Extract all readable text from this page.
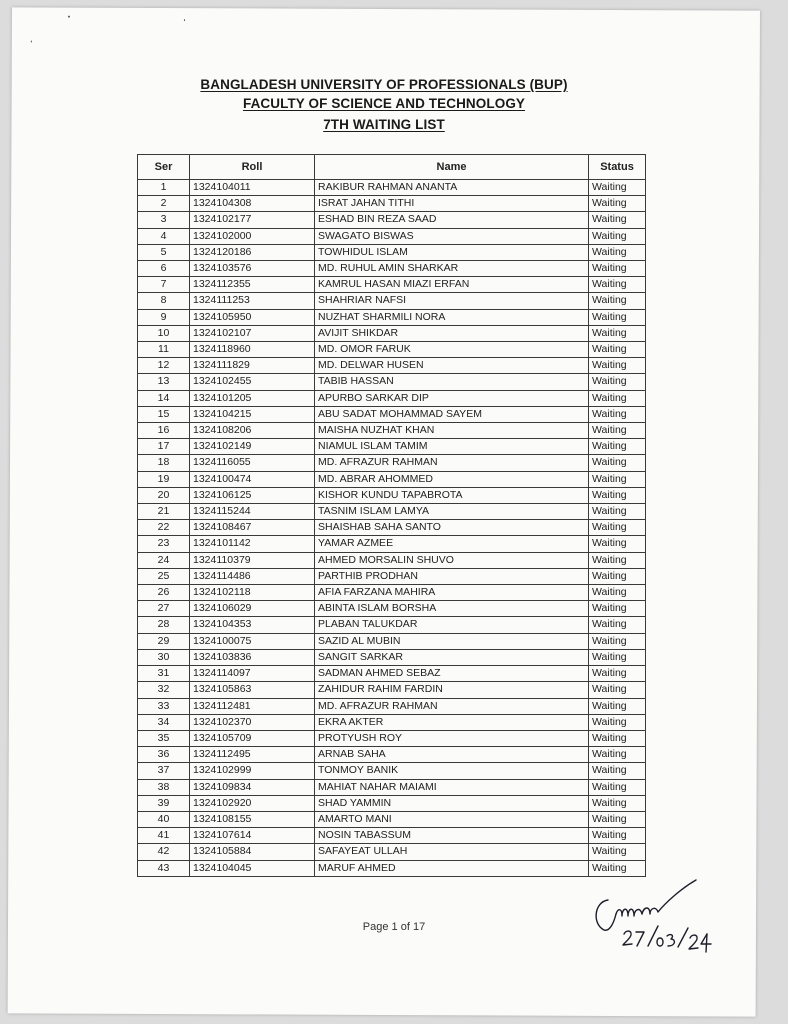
BANGLADESH UNIVERSITY OF PROFESSIONALS (BUP)
FACULTY OF SCIENCE AND TECHNOLOGY
7TH WAITING LIST
Ser	Roll	Name	Status
1	1324104011	RAKIBUR RAHMAN ANANTA	Waiting
2	1324104308	ISRAT JAHAN TITHI	Waiting
3	1324102177	ESHAD BIN REZA SAAD	Waiting
4	1324102000	SWAGATO BISWAS	Waiting
5	1324120186	TOWHIDUL ISLAM	Waiting
6	1324103576	MD. RUHUL AMIN SHARKAR	Waiting
7	1324112355	KAMRUL HASAN MIAZI ERFAN	Waiting
8	1324111253	SHAHRIAR NAFSI	Waiting
9	1324105950	NUZHAT SHARMILI NORA	Waiting
10	1324102107	AVIJIT SHIKDAR	Waiting
11	1324118960	MD. OMOR FARUK	Waiting
12	1324111829	MD. DELWAR HUSEN	Waiting
13	1324102455	TABIB HASSAN	Waiting
14	1324101205	APURBO SARKAR DIP	Waiting
15	1324104215	ABU SADAT MOHAMMAD SAYEM	Waiting
16	1324108206	MAISHA NUZHAT KHAN	Waiting
17	1324102149	NIAMUL ISLAM TAMIM	Waiting
18	1324116055	MD. AFRAZUR RAHMAN	Waiting
19	1324100474	MD. ABRAR AHOMMED	Waiting
20	1324106125	KISHOR KUNDU TAPABROTA	Waiting
21	1324115244	TASNIM ISLAM LAMYA	Waiting
22	1324108467	SHAISHAB SAHA SANTO	Waiting
23	1324101142	YAMAR AZMEE	Waiting
24	1324110379	AHMED MORSALIN SHUVO	Waiting
25	1324114486	PARTHIB PRODHAN	Waiting
26	1324102118	AFIA FARZANA MAHIRA	Waiting
27	1324106029	ABINTA ISLAM BORSHA	Waiting
28	1324104353	PLABAN TALUKDAR	Waiting
29	1324100075	SAZID AL MUBIN	Waiting
30	1324103836	SANGIT SARKAR	Waiting
31	1324114097	SADMAN AHMED SEBAZ	Waiting
32	1324105863	ZAHIDUR RAHIM FARDIN	Waiting
33	1324112481	MD. AFRAZUR RAHMAN	Waiting
34	1324102370	EKRA AKTER	Waiting
35	1324105709	PROTYUSH ROY	Waiting
36	1324112495	ARNAB SAHA	Waiting
37	1324102999	TONMOY BANIK	Waiting
38	1324109834	MAHIAT NAHAR MAIAMI	Waiting
39	1324102920	SHAD YAMMIN	Waiting
40	1324108155	AMARTO MANI	Waiting
41	1324107614	NOSIN TABASSUM	Waiting
42	1324105884	SAFAYEAT ULLAH	Waiting
43	1324104045	MARUF AHMED	Waiting
Page 1 of 17
